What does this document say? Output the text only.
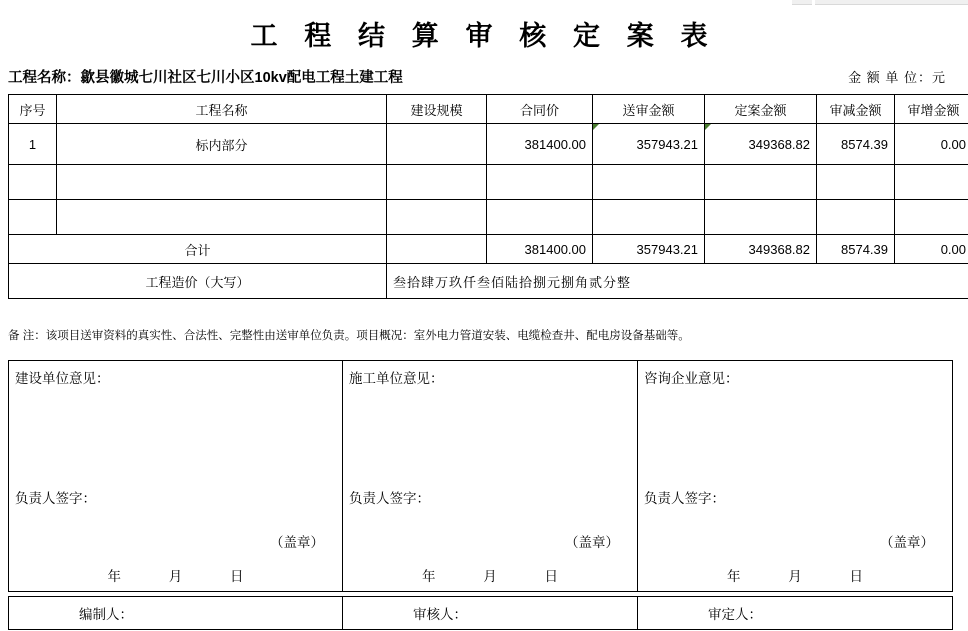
工 程 结 算 审 核 定 案 表
工程名称：歙县徽城七川社区七川小区10kv配电工程土建工程	金 额 单 位：元
序号	工程名称	建设规模	合同价	送审金额	定案金额	审减金额	审增金额
1	标内部分		381400.00	357943.21	349368.82	8574.39	0.00

合计			381400.00	357943.21	349368.82	8574.39	0.00
工程造价（大写）		叁拾肆万玖仟叁佰陆拾捌元捌角贰分整					
备 注：该项目送审资料的真实性、合法性、完整性由送审单位负责。项目概况：室外电力管道安装、电缆检查井、配电房设备基础等。
建设单位意见：
负责人签字：
（盖章）
年	月	日

施工单位意见：
负责人签字：
（盖章）
年	月	日

咨询企业意见：
负责人签字：
（盖章）
年	月	日
编制人：	审核人：	审定人：
